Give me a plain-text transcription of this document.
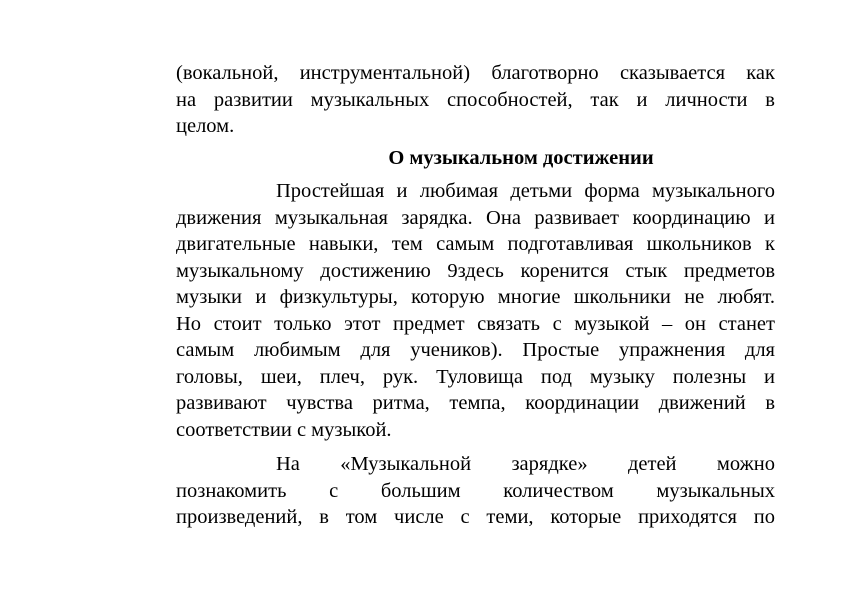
(вокальной, инструментальной) благотворно сказывается как
на развитии музыкальных способностей, так и личности в
целом.
О музыкальном достижении
Простейшая и любимая детьми форма музыкального
движения музыкальная зарядка. Она развивает координацию и
двигательные навыки, тем самым подготавливая школьников к
музыкальному достижению 9здесь коренится стык предметов
музыки и физкультуры, которую многие школьники не любят.
Но стоит только этот предмет связать с музыкой – он станет
самым любимым для учеников). Простые упражнения для
головы, шеи, плеч, рук. Туловища под музыку полезны и
развивают чувства ритма, темпа, координации движений в
соответствии с музыкой.
На «Музыкальной зарядке» детей можно
познакомить с большим количеством музыкальных
произведений, в том числе с теми, которые приходятся по
